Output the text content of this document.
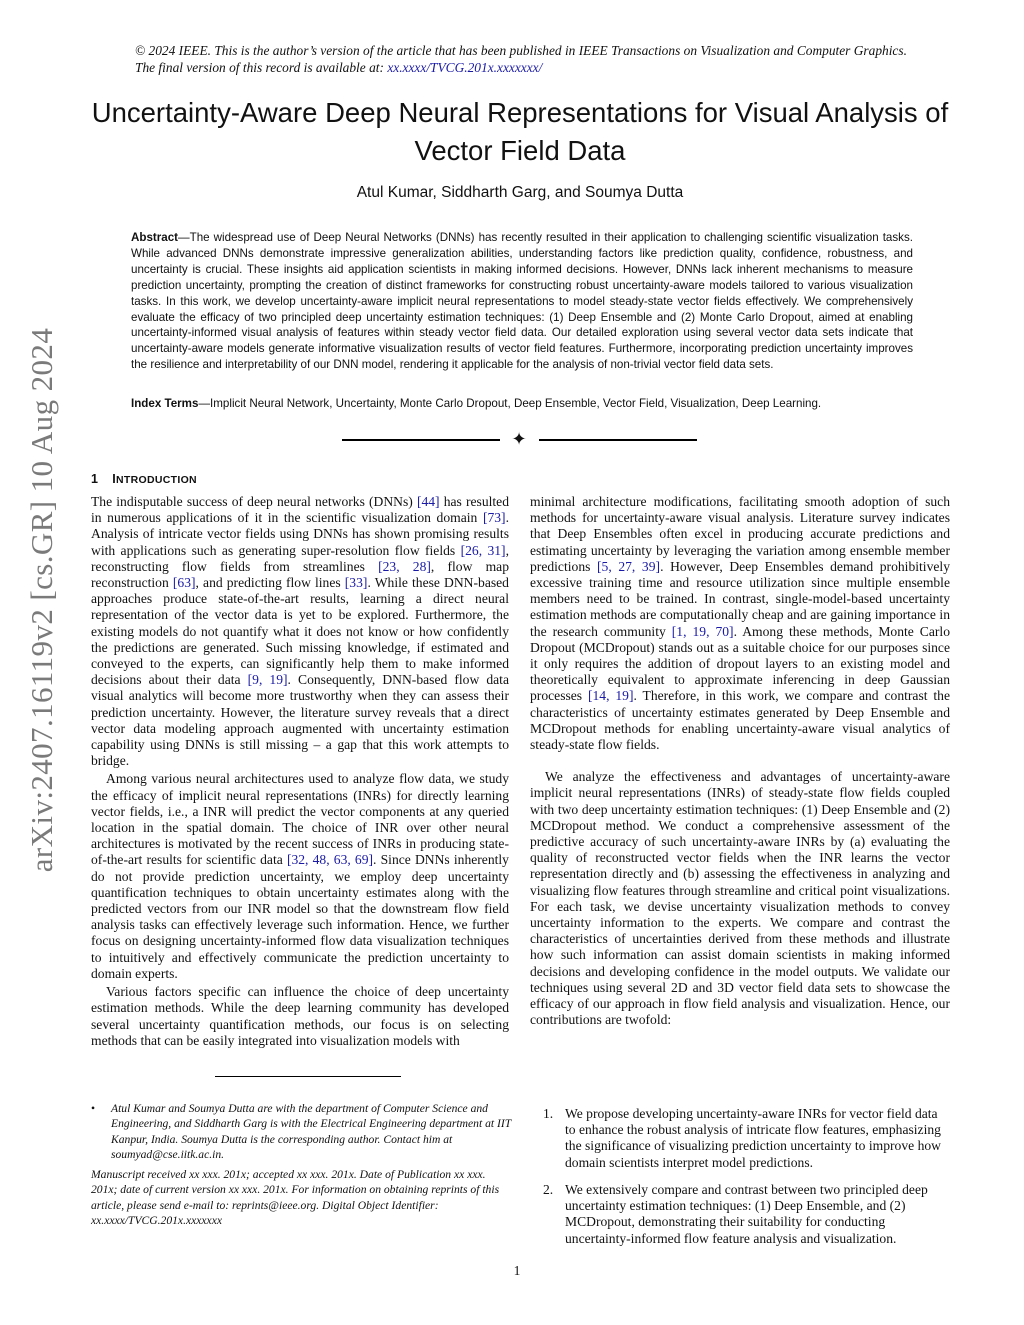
© 2024 IEEE. This is the author’s version of the article that has been published in IEEE Transactions on Visualization and Computer Graphics. The final version of this record is available at: xx.xxxx/TVCG.201x.xxxxxxx/
Uncertainty-Aware Deep Neural Representations for Visual Analysis of Vector Field Data
Atul Kumar, Siddharth Garg, and Soumya Dutta

Abstract—The widespread use of Deep Neural Networks (DNNs) has recently resulted in their application to challenging scientific visualization tasks. While advanced DNNs demonstrate impressive generalization abilities, understanding factors like prediction quality, confidence, robustness, and uncertainty is crucial. These insights aid application scientists in making informed decisions. However, DNNs lack inherent mechanisms to measure prediction uncertainty, prompting the creation of distinct frameworks for constructing robust uncertainty-aware models tailored to various visualization tasks. In this work, we develop uncertainty-aware implicit neural representations to model steady-state vector fields effectively. We comprehensively evaluate the efficacy of two principled deep uncertainty estimation techniques: (1) Deep Ensemble and (2) Monte Carlo Dropout, aimed at enabling uncertainty-informed visual analysis of features within steady vector field data. Our detailed exploration using several vector data sets indicate that uncertainty-aware models generate informative visualization results of vector field features. Furthermore, incorporating prediction uncertainty improves the resilience and interpretability of our DNN model, rendering it applicable for the analysis of non-trivial vector field data sets.

Index Terms—Implicit Neural Network, Uncertainty, Monte Carlo Dropout, Deep Ensemble, Vector Field, Visualization, Deep Learning.

✦
arXiv:2407.16119v2 [cs.GR] 10 Aug 2024	1 INTRODUCTION

The indisputable success of deep neural networks (DNNs) [44] has resulted in numerous applications of it in the scientific visualization domain [73]. Analysis of intricate vector fields using DNNs has shown promising results with applications such as generating super-resolution flow fields [26, 31], reconstructing flow fields from streamlines [23, 28], flow map reconstruction [63], and predicting flow lines [33]. While these DNN-based approaches produce state-of-the-art results, learning a direct neural representation of the vector data is yet to be explored. Furthermore, the existing models do not quantify what it does not know or how confidently the predictions are generated. Such missing knowledge, if estimated and conveyed to the experts, can significantly help them to make informed decisions about their data [9, 19]. Consequently, DNN-based flow data visual analytics will become more trustworthy when they can assess their prediction uncertainty. However, the literature survey reveals that a direct vector data modeling approach augmented with uncertainty estimation capability using DNNs is still missing – a gap that this work attempts to bridge.

Among various neural architectures used to analyze flow data, we study the efficacy of implicit neural representations (INRs) for directly learning vector fields, i.e., a INR will predict the vector components at any queried location in the spatial domain. The choice of INR over other neural architectures is motivated by the recent success of INRs in producing state-of-the-art results for scientific data [32, 48, 63, 69]. Since DNNs inherently do not provide prediction uncertainty, we employ deep uncertainty quantification techniques to obtain uncertainty estimates along with the predicted vectors from our INR model so that the downstream flow field analysis tasks can effectively leverage such information. Hence, we further focus on designing uncertainty-informed flow data visualization techniques to intuitively and effectively communicate the prediction uncertainty to domain experts.

Various factors specific can influence the choice of deep uncertainty estimation methods. While the deep learning community has developed several uncertainty quantification methods, our focus is on selecting methods that can be easily integrated into visualization models with

minimal architecture modifications, facilitating smooth adoption of such methods for uncertainty-aware visual analysis. Literature survey indicates that Deep Ensembles often excel in producing accurate predictions and estimating uncertainty by leveraging the variation among ensemble member predictions [5, 27, 39]. However, Deep Ensembles demand prohibitively excessive training time and resource utilization since multiple ensemble members need to be trained. In contrast, single-model-based uncertainty estimation methods are computationally cheap and are gaining importance in the research community [1, 19, 70]. Among these methods, Monte Carlo Dropout (MCDropout) stands out as a suitable choice for our purposes since it only requires the addition of dropout layers to an existing model and theoretically equivalent to approximate inferencing in deep Gaussian processes [14, 19]. Therefore, in this work, we compare and contrast the characteristics of uncertainty estimates generated by Deep Ensemble and MCDropout methods for enabling uncertainty-aware visual analytics of steady-state flow fields.

We analyze the effectiveness and advantages of uncertainty-aware implicit neural representations (INRs) of steady-state flow fields coupled with two deep uncertainty estimation techniques: (1) Deep Ensemble and (2) MCDropout method. We conduct a comprehensive assessment of the predictive accuracy of such uncertainty-aware INRs by (a) evaluating the quality of reconstructed vector fields when the INR learns the vector representation directly and (b) assessing the effectiveness in analyzing and visualizing flow features through streamline and critical point visualizations. For each task, we devise uncertainty visualization methods to convey uncertainty information to the experts. We compare and contrast the characteristics of uncertainties derived from these methods and illustrate how such information can assist domain scientists in making informed decisions and developing confidence in the model outputs. We validate our techniques using several 2D and 3D vector field data sets to showcase the efficacy of our approach in flow field analysis and visualization. Hence, our contributions are twofold:

• Atul Kumar and Soumya Dutta are with the department of Computer Science and Engineering, and Siddharth Garg is with the Electrical Engineering department at IIT Kanpur, India. Soumya Dutta is the corresponding author. Contact him at soumyad@cse.iitk.ac.in.
Manuscript received xx xxx. 201x; accepted xx xxx. 201x. Date of Publication xx xxx. 201x; date of current version xx xxx. 201x. For information on obtaining reprints of this article, please send e-mail to: reprints@ieee.org. Digital Object Identifier: xx.xxxx/TVCG.201x.xxxxxxx
1. We propose developing uncertainty-aware INRs for vector field data to enhance the robust analysis of intricate flow features, emphasizing the significance of visualizing prediction uncertainty to improve how domain scientists interpret model predictions.
2. We extensively compare and contrast between two principled deep uncertainty estimation techniques: (1) Deep Ensemble, and (2) MCDropout, demonstrating their suitability for conducting uncertainty-informed flow feature analysis and visualization.
1
